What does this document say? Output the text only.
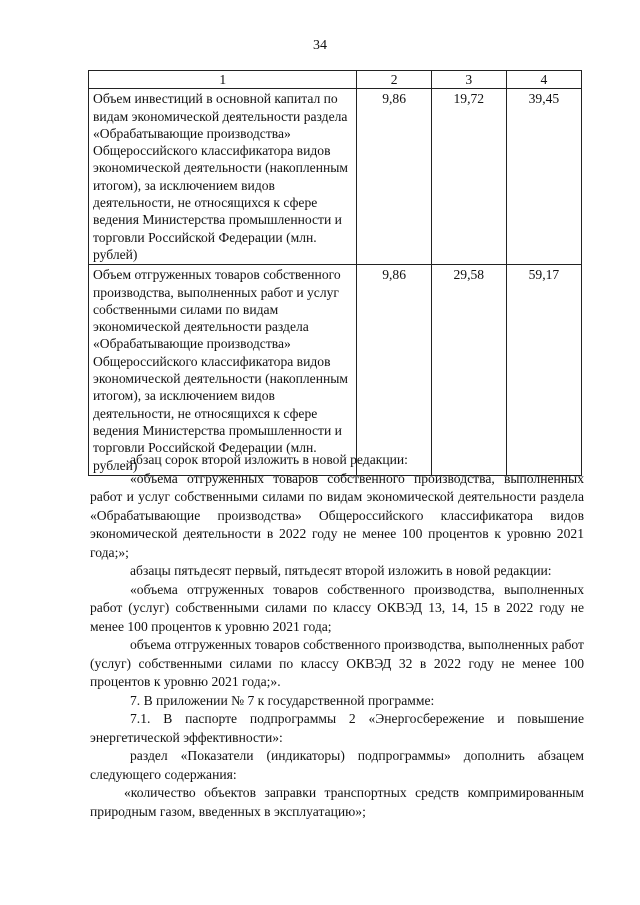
34
1	2	3	4
Объем инвестиций в основной капитал по видам экономической деятельности раздела «Обрабатывающие производства» Общероссийского классификатора видов экономической деятельности (накопленным итогом), за исключением видов деятельности, не относящихся к сфере ведения Министерства промышленности и торговли Российской Федерации (млн. рублей)	9,86	19,72	39,45
Объем отгруженных товаров собственного производства, выполненных работ и услуг собственными силами по видам экономической деятельности раздела «Обрабатывающие производства» Общероссийского классификатора видов экономической деятельности (накопленным итогом), за исключением видов деятельности, не относящихся к сфере ведения Министерства промышленности и торговли Российской Федерации (млн. рублей)	9,86	29,58	59,17

абзац сорок второй изложить в новой редакции:

«объема отгруженных товаров собственного производства, выполненных работ и услуг собственными силами по видам экономической деятельности раздела «Обрабатывающие производства» Общероссийского классификатора видов экономической деятельности в 2022 году не менее 100 процентов к уровню 2021 года;»;

абзацы пятьдесят первый, пятьдесят второй изложить в новой редакции:

«объема отгруженных товаров собственного производства, выполненных работ (услуг) собственными силами по классу ОКВЭД 13, 14, 15 в 2022 году не менее 100 процентов к уровню 2021 года;

объема отгруженных товаров собственного производства, выполненных работ (услуг) собственными силами по классу ОКВЭД 32 в 2022 году не менее 100 процентов к уровню 2021 года;».

7. В приложении № 7 к государственной программе:

7.1. В паспорте подпрограммы 2 «Энергосбережение и повышение энергетической эффективности»:

раздел «Показатели (индикаторы) подпрограммы» дополнить абзацем следующего содержания:

«количество объектов заправки транспортных средств компримированным природным газом, введенных в эксплуатацию»;
